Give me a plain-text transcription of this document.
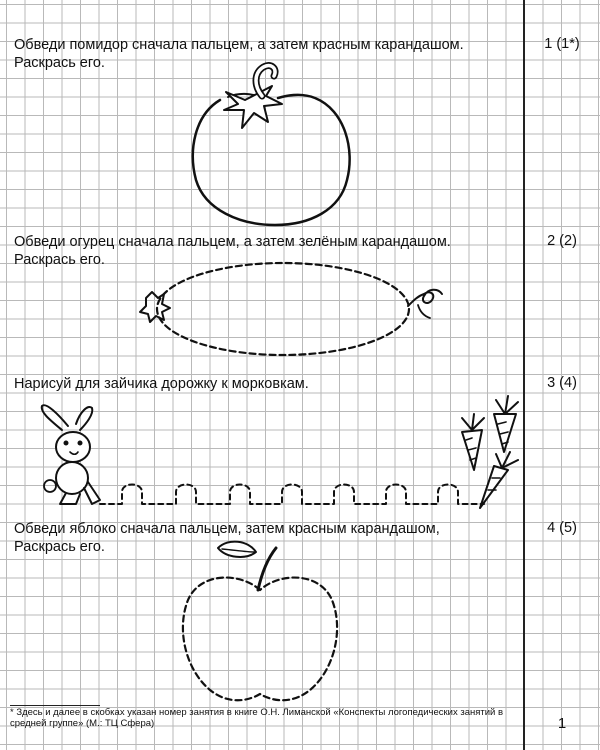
Обведи помидор сначала пальцем, а затем красным карандашом.
Раскрась его.

1 (1*)

Обведи огурец сначала пальцем, а затем зелёным карандашом.
Раскрась его.

2 (2)

Нарисуй для зайчика дорожку к морковкам.	3 (4)

Обведи яблоко сначала пальцем, затем красным карандашом,
Раскрась его.

4 (5)

* Здесь и далее в скобках указан номер занятия в книге О.Н. Лиманской «Конспекты логопедических занятий в средней группе» (М.: ТЦ Сфера)	1
